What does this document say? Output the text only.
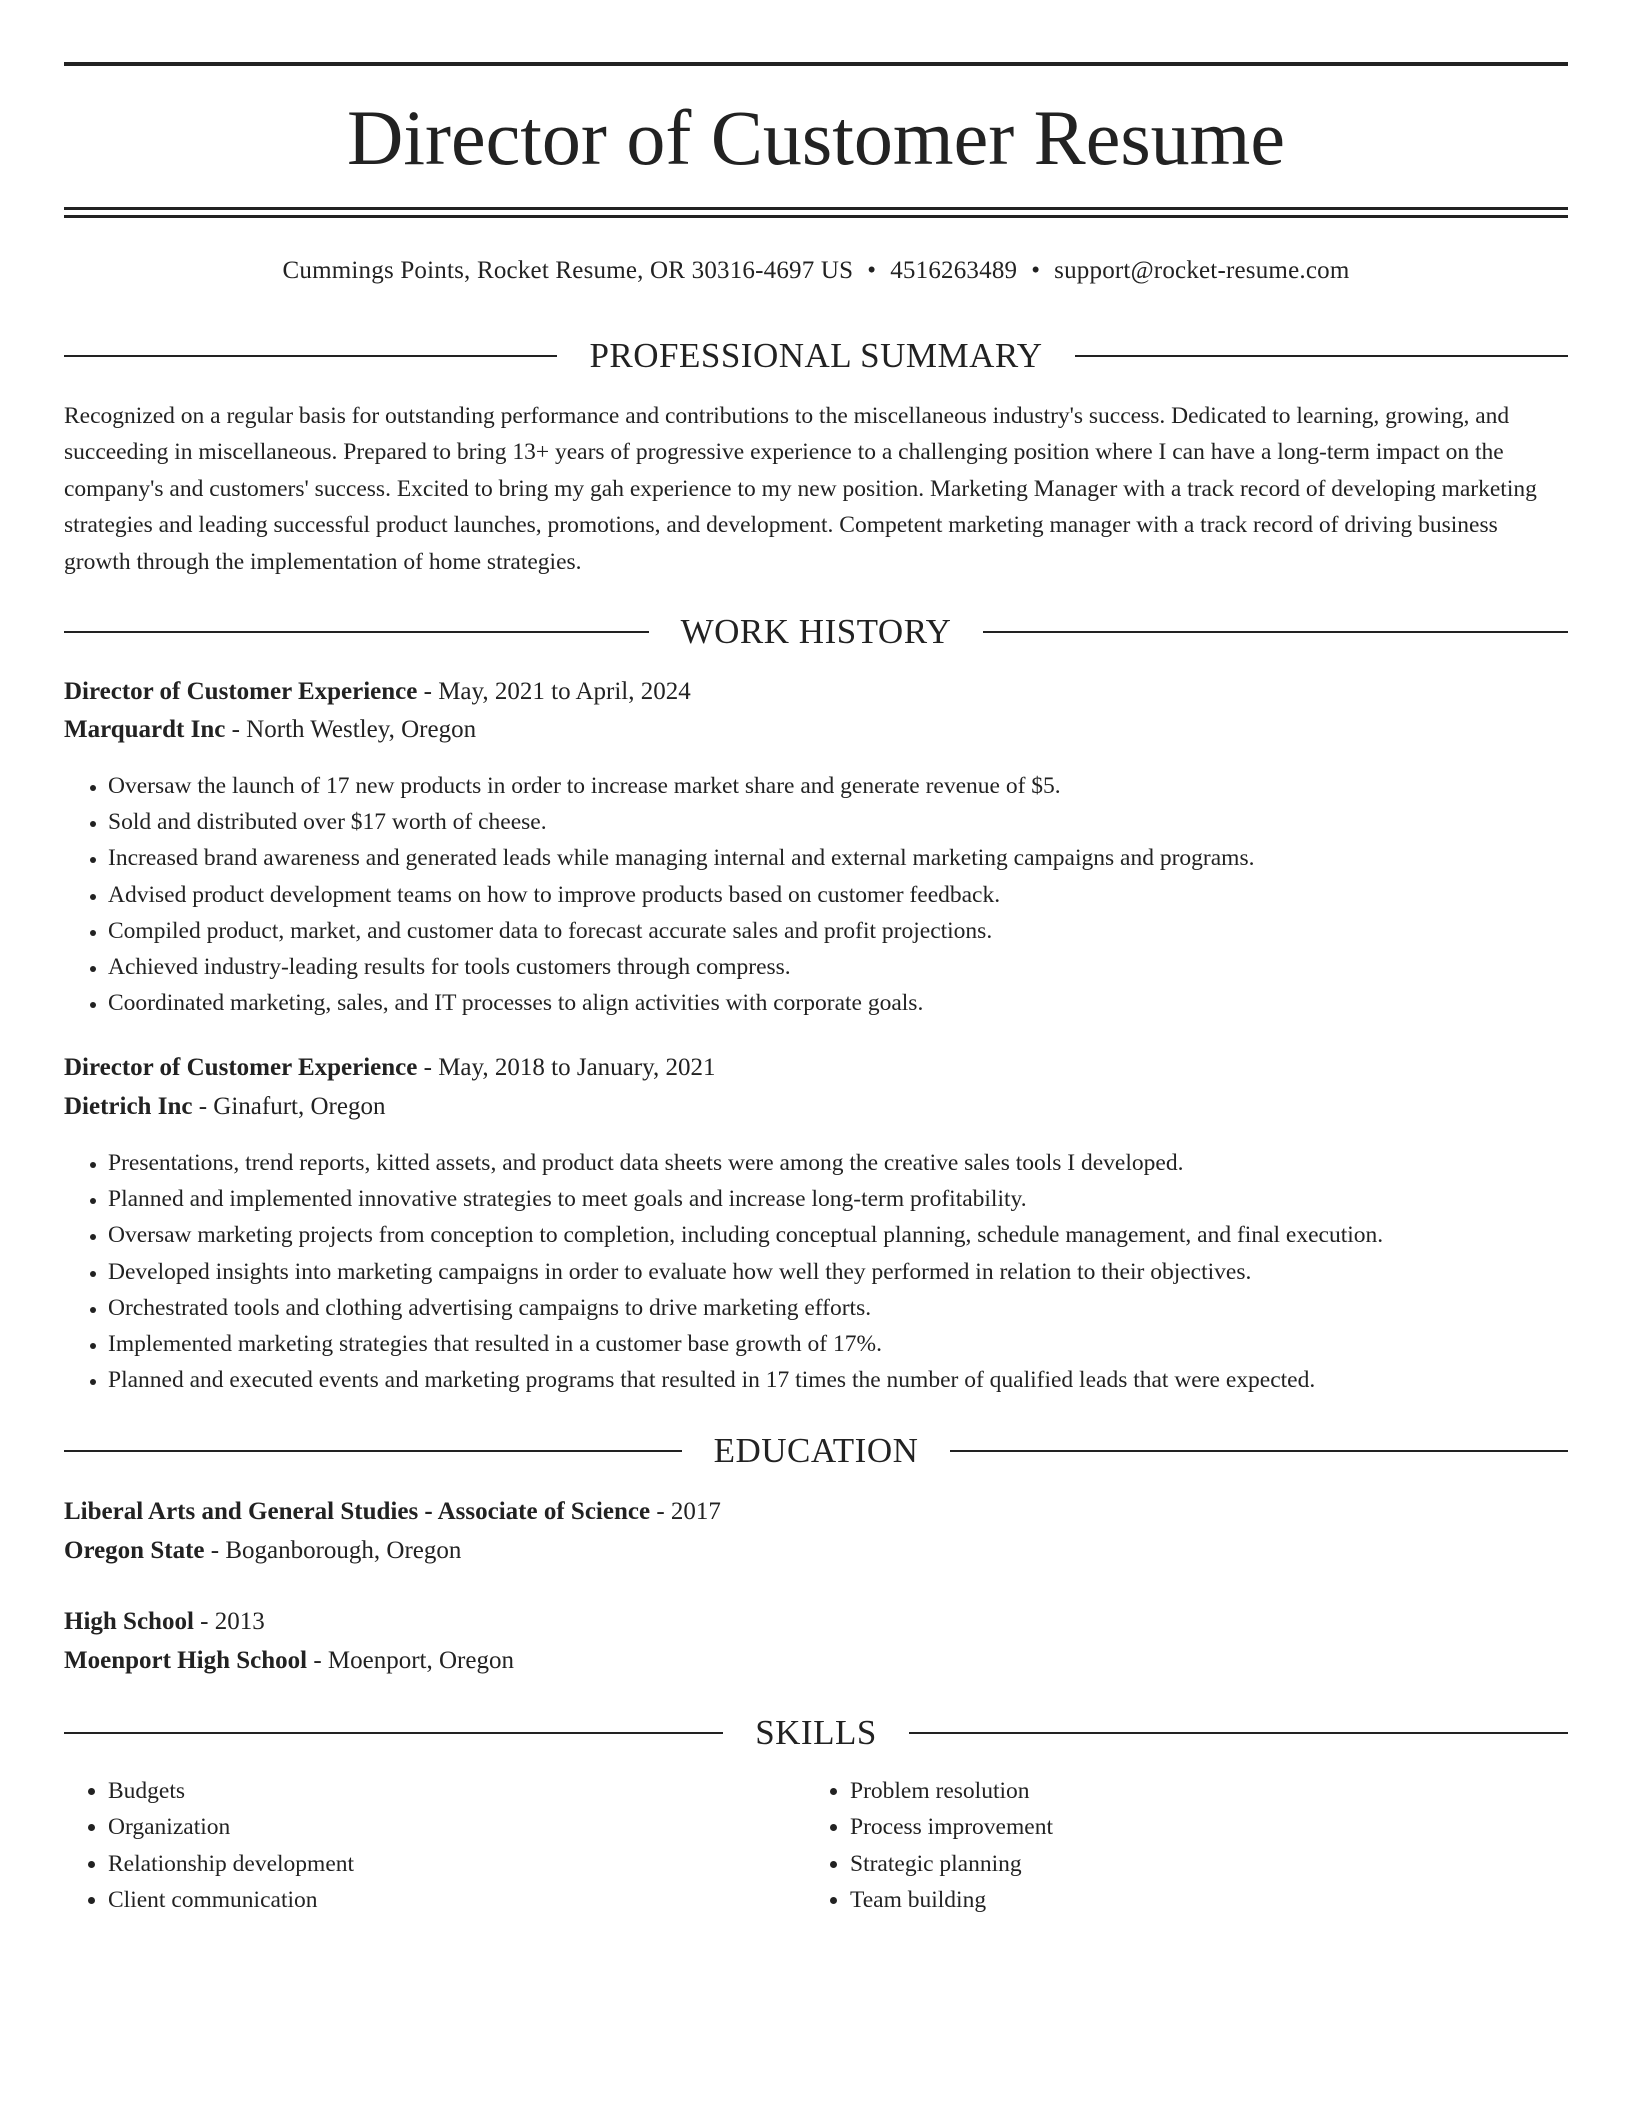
Director of Customer Resume
Cummings Points, Rocket Resume, OR 30316-4697 US • 4516263489 • support@rocket-resume.com
PROFESSIONAL SUMMARY

Recognized on a regular basis for outstanding performance and contributions to the miscellaneous industry's success. Dedicated to learning, growing, and succeeding in miscellaneous. Prepared to bring 13+ years of progressive experience to a challenging position where I can have a long-term impact on the company's and customers' success. Excited to bring my gah experience to my new position. Marketing Manager with a track record of developing marketing strategies and leading successful product launches, promotions, and development. Competent marketing manager with a track record of driving business growth through the implementation of home strategies.

WORK HISTORY
Director of Customer Experience - May, 2021 to April, 2024
Marquardt Inc - North Westley, Oregon
• Oversaw the launch of 17 new products in order to increase market share and generate revenue of $5.
• Sold and distributed over $17 worth of cheese.
• Increased brand awareness and generated leads while managing internal and external marketing campaigns and programs.
• Advised product development teams on how to improve products based on customer feedback.
• Compiled product, market, and customer data to forecast accurate sales and profit projections.
• Achieved industry-leading results for tools customers through compress.
• Coordinated marketing, sales, and IT processes to align activities with corporate goals.
Director of Customer Experience - May, 2018 to January, 2021
Dietrich Inc - Ginafurt, Oregon
• Presentations, trend reports, kitted assets, and product data sheets were among the creative sales tools I developed.
• Planned and implemented innovative strategies to meet goals and increase long-term profitability.
• Oversaw marketing projects from conception to completion, including conceptual planning, schedule management, and final execution.
• Developed insights into marketing campaigns in order to evaluate how well they performed in relation to their objectives.
• Orchestrated tools and clothing advertising campaigns to drive marketing efforts.
• Implemented marketing strategies that resulted in a customer base growth of 17%.
• Planned and executed events and marketing programs that resulted in 17 times the number of qualified leads that were expected.
EDUCATION
Liberal Arts and General Studies - Associate of Science - 2017
Oregon State - Boganborough, Oregon
High School - 2013
Moenport High School - Moenport, Oregon
SKILLS
• Budgets
• Organization
• Relationship development
• Client communication
• Problem resolution
• Process improvement
• Strategic planning
• Team building
